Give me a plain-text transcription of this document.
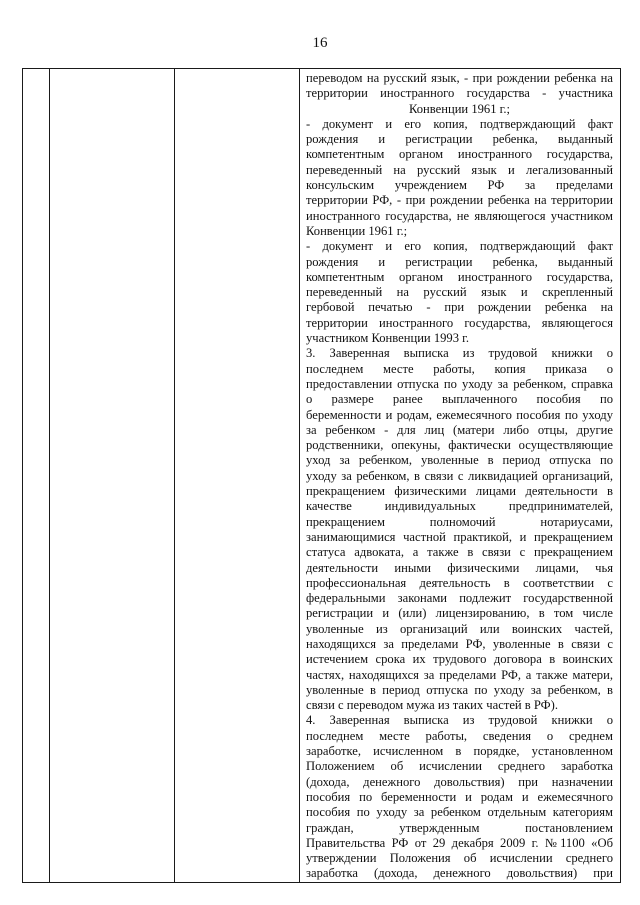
16

переводом на русский язык, - при рождении ребенка на
территории иностранного государства - участника
Конвенции 1961 г.;
- документ и его копия, подтверждающий факт
рождения и регистрации ребенка, выданный
компетентным органом иностранного государства,
переведенный на русский язык и легализованный
консульским учреждением РФ за пределами
территории РФ, - при рождении ребенка на территории
иностранного государства, не являющегося участником
Конвенции 1961 г.;
- документ и его копия, подтверждающий факт
рождения и регистрации ребенка, выданный
компетентным органом иностранного государства,
переведенный на русский язык и скрепленный
гербовой печатью - при рождении ребенка на
территории иностранного государства, являющегося
участником Конвенции 1993 г.
3. Заверенная выписка из трудовой книжки о
последнем месте работы, копия приказа о
предоставлении отпуска по уходу за ребенком, справка
о размере ранее выплаченного пособия по
беременности и родам, ежемесячного пособия по уходу
за ребенком - для лиц (матери либо отцы, другие
родственники, опекуны, фактически осуществляющие
уход за ребенком, уволенные в период отпуска по
уходу за ребенком, в связи с ликвидацией организаций,
прекращением физическими лицами деятельности в
качестве индивидуальных предпринимателей,
прекращением полномочий нотариусами,
занимающимися частной практикой, и прекращением
статуса адвоката, а также в связи с прекращением
деятельности иными физическими лицами, чья
профессиональная деятельность в соответствии с
федеральными законами подлежит государственной
регистрации и (или) лицензированию, в том числе
уволенные из организаций или воинских частей,
находящихся за пределами РФ, уволенные в связи с
истечением срока их трудового договора в воинских
частях, находящихся за пределами РФ, а также матери,
уволенные в период отпуска по уходу за ребенком, в
связи с переводом мужа из таких частей в РФ).
4. Заверенная выписка из трудовой книжки о
последнем месте работы, сведения о среднем
заработке, исчисленном в порядке, установленном
Положением об исчислении среднего заработка
(дохода, денежного довольствия) при назначении
пособия по беременности и родам и ежемесячного
пособия по уходу за ребенком отдельным категориям
граждан, утвержденным постановлением
Правительства РФ от 29 декабря 2009 г. №1100 «Об
утверждении Положения об исчислении среднего
заработка (дохода, денежного довольствия) при
